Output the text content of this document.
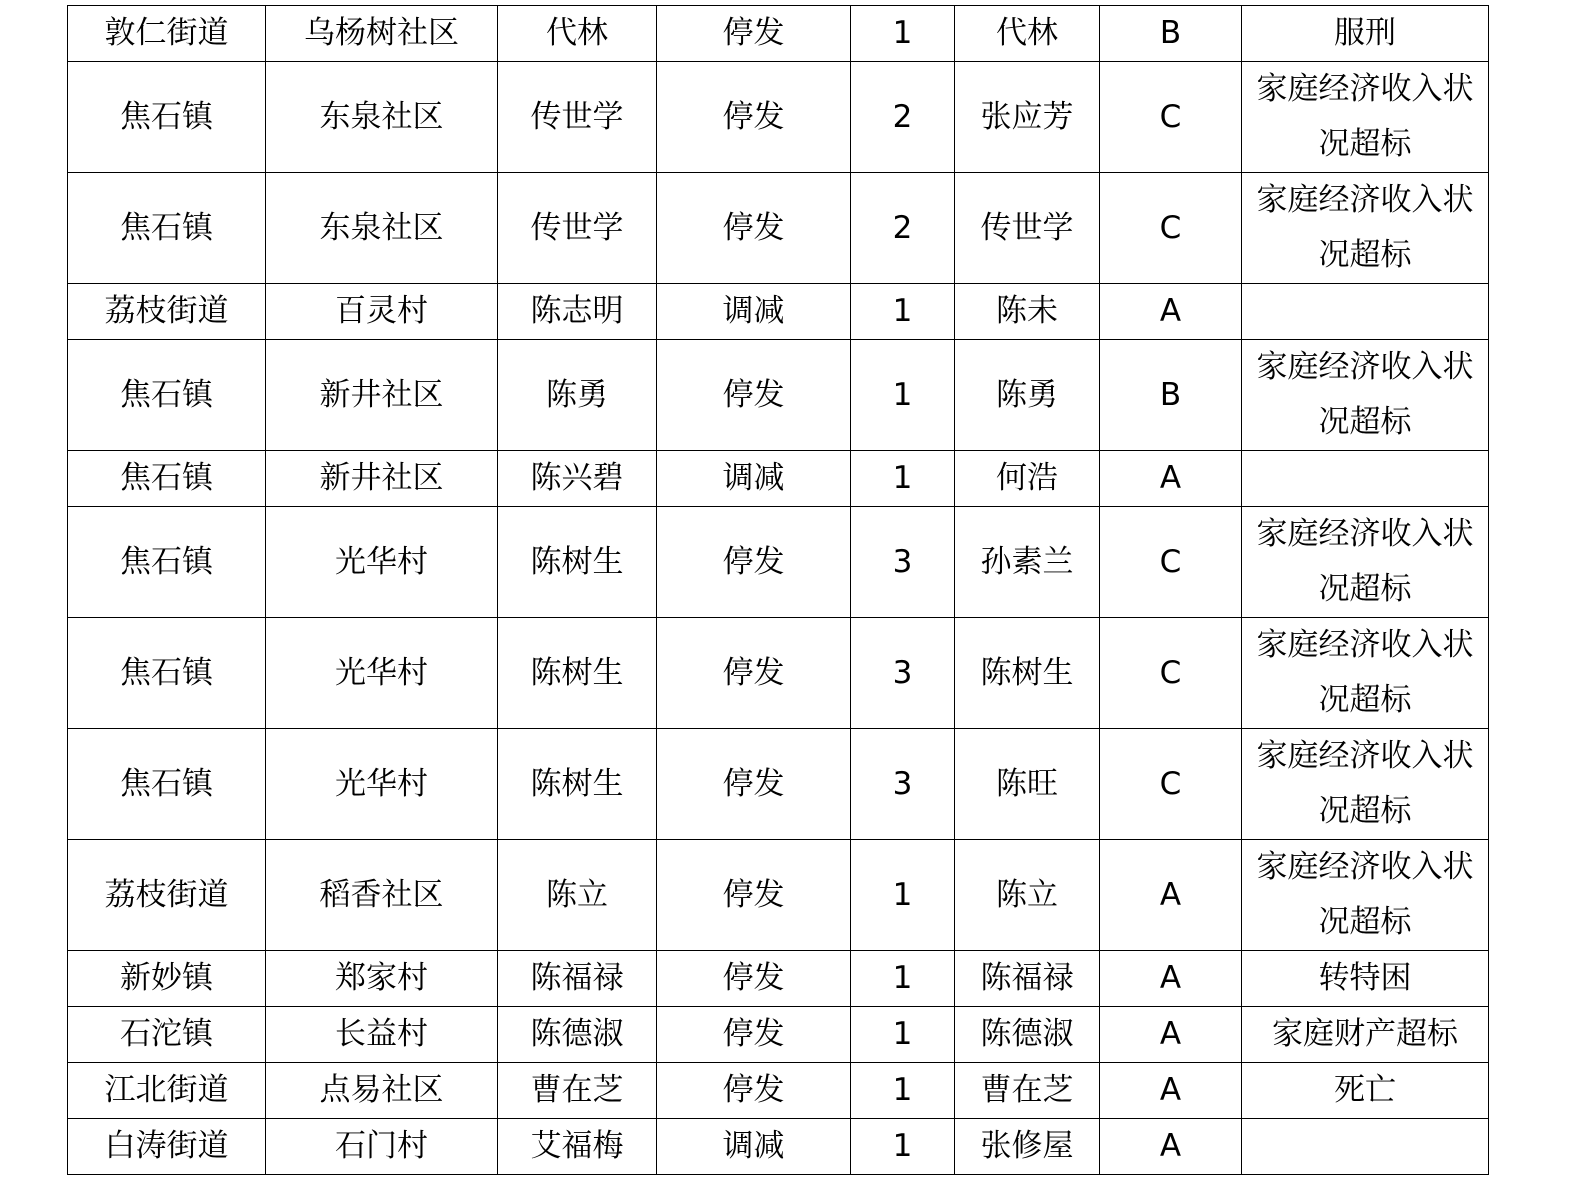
敦仁街道	乌杨树社区	代林	停发	1	代林	B	服刑
焦石镇	东泉社区	传世学	停发	2	张应芳	C	家庭经济收入状况超标
焦石镇	东泉社区	传世学	停发	2	传世学	C	家庭经济收入状况超标
荔枝街道	百灵村	陈志明	调减	1	陈未	A	
焦石镇	新井社区	陈勇	停发	1	陈勇	B	家庭经济收入状况超标
焦石镇	新井社区	陈兴碧	调减	1	何浩	A	
焦石镇	光华村	陈树生	停发	3	孙素兰	C	家庭经济收入状况超标
焦石镇	光华村	陈树生	停发	3	陈树生	C	家庭经济收入状况超标
焦石镇	光华村	陈树生	停发	3	陈旺	C	家庭经济收入状况超标
荔枝街道	稻香社区	陈立	停发	1	陈立	A	家庭经济收入状况超标
新妙镇	郑家村	陈福禄	停发	1	陈福禄	A	转特困
石沱镇	长益村	陈德淑	停发	1	陈德淑	A	家庭财产超标
江北街道	点易社区	曹在芝	停发	1	曹在芝	A	死亡
白涛街道	石门村	艾福梅	调减	1	张修屋	A	
